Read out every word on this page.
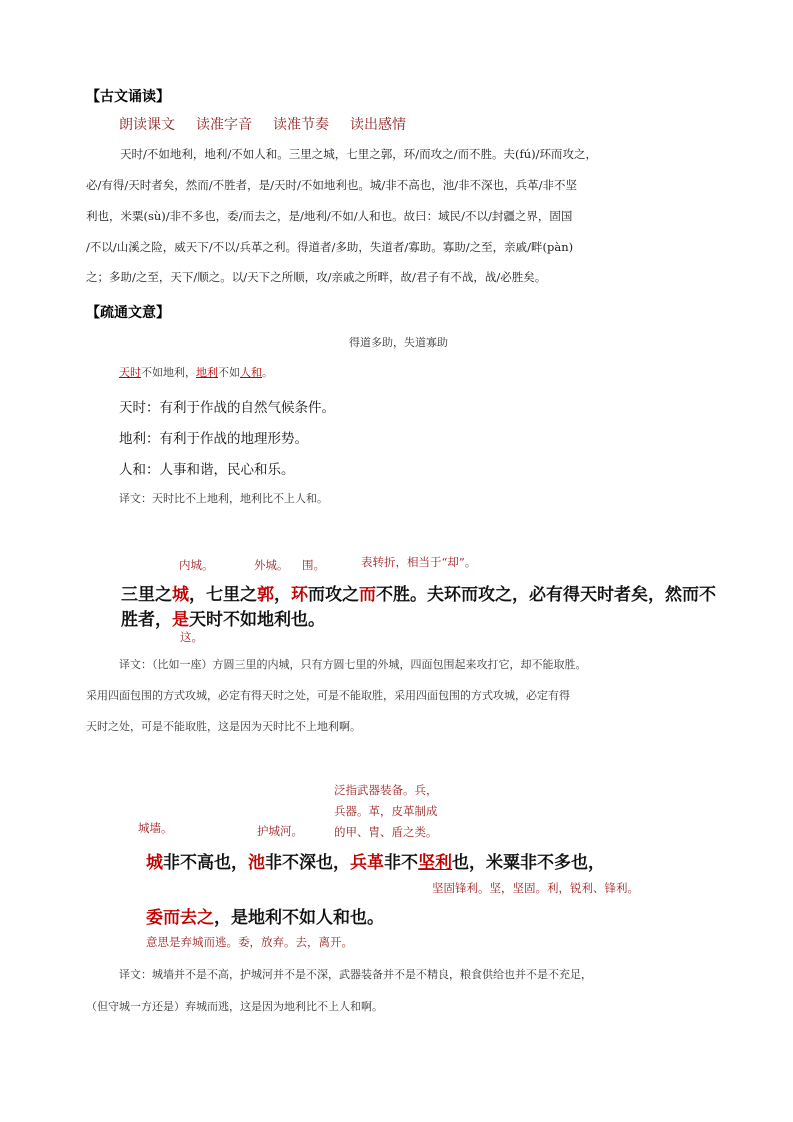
【古文诵读】
朗读课文 读准字音 读准节奏 读出感情
天时/不如地利，地利/不如人和。三里之城，七里之郭，环/而攻之/而不胜。夫(fú)/环而攻之，
必/有得/天时者矣，然而/不胜者，是/天时/不如地利也。城/非不高也，池/非不深也，兵革/非不坚
利也，米粟(sù)/非不多也，委/而去之，是/地利/不如/人和也。故曰：域民/不以/封疆之界，固国
/不以/山溪之险，威天下/不以/兵革之利。得道者/多助，失道者/寡助。寡助/之至，亲戚/畔(pàn)
之；多助/之至，天下/顺之。以/天下之所顺，攻/亲戚之所畔，故/君子有不战，战/必胜矣。
【疏通文意】
得道多助，失道寡助
天时不如地利，地利不如人和。
天时：有利于作战的自然气候条件。
地利：有利于作战的地理形势。
人和：人事和谐，民心和乐。
译文：天时比不上地利，地利比不上人和。
内城。	外城。 围。	表转折，相当于“却”。
三里之城，七里之郭，环而攻之而不胜。夫环而攻之，必有得天时者矣，然而不
胜者，是天时不如地利也。
这。
译文：（比如一座）方圆三里的内城，只有方圆七里的外城，四面包围起来攻打它，却不能取胜。
采用四面包围的方式攻城，必定有得天时之处，可是不能取胜，采用四面包围的方式攻城，必定有得
天时之处，可是不能取胜，这是因为天时比不上地利啊。
泛指武器装备。兵，
兵器。革，皮革制成
的甲、胄、盾之类。
城墙。	护城河。
城非不高也，池非不深也，兵革非不坚利也，米粟非不多也，
坚固锋利。坚，坚固。利，锐利、锋利。
委而去之，是地利不如人和也。
意思是弃城而逃。委，放弃。去，离开。
译文：城墙并不是不高，护城河并不是不深，武器装备并不是不精良，粮食供给也并不是不充足，
（但守城一方还是）弃城而逃，这是因为地利比不上人和啊。
